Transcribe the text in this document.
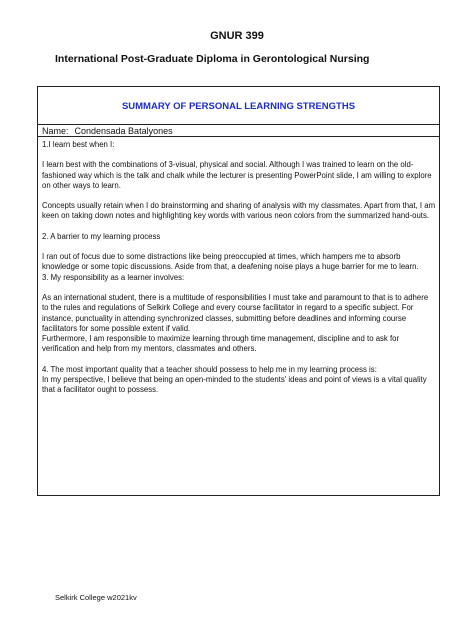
GNUR 399
International Post-Graduate Diploma in Gerontological Nursing
SUMMARY OF PERSONAL LEARNING STRENGTHS
Name: Condensada Batalyones

1.I learn best when I:

I learn best with the combinations of 3-visual, physical and social. Although I was trained to learn on the old-fashioned way which is the talk and chalk while the lecturer is presenting PowerPoint slide, I am willing to explore on other ways to learn.

Concepts usually retain when I do brainstorming and sharing of analysis with my classmates. Apart from that, I am keen on taking down notes and highlighting key words with various neon colors from the summarized hand-outs.

2. A barrier to my learning process

I ran out of focus due to some distractions like being preoccupied at times, which hampers me to absorb knowledge or some topic discussions. Aside from that, a deafening noise plays a huge barrier for me to learn.

3. My responsibility as a learner involves:

As an international student, there is a multitude of responsibilities I must take and paramount to that is to adhere to the rules and regulations of Selkirk College and every course facilitator in regard to a specific subject. For instance, punctuality in attending synchronized classes, submitting before deadlines and informing course facilitators for some possible extent if valid.

Furthermore, I am responsible to maximize learning through time management, discipline and to ask for verification and help from my mentors, classmates and others.

4. The most important quality that a teacher should possess to help me in my learning process is:

In my perspective, I believe that being an open-minded to the students' ideas and point of views is a vital quality that a facilitator ought to possess.

Selkirk College w2021kv
